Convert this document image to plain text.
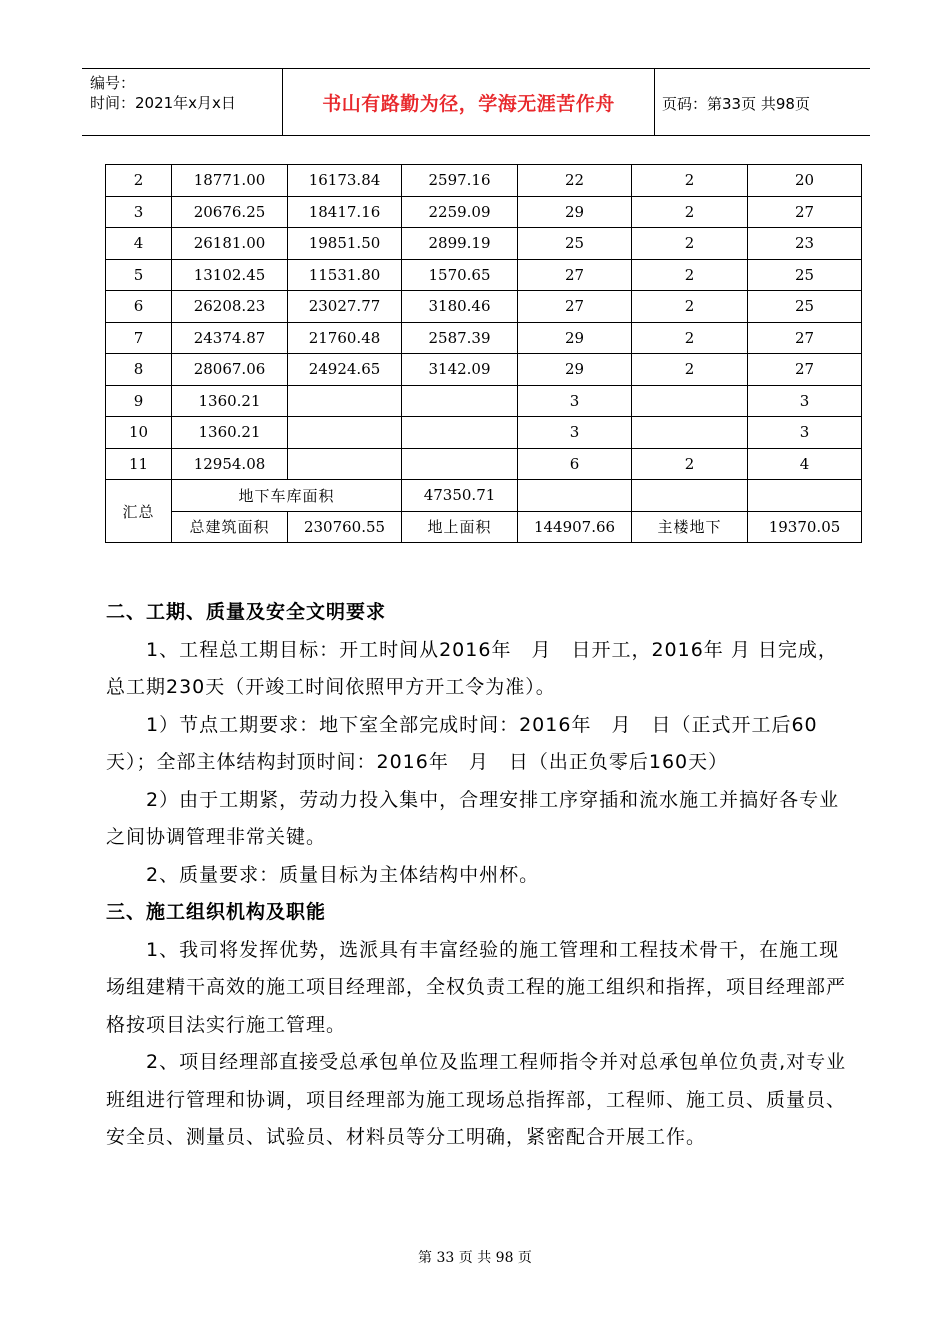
编号：
时间：2021年x月x日	书山有路勤为径，学海无涯苦作舟	页码：第33页 共98页
2	18771.00	16173.84	2597.16	22	2	20
3	20676.25	18417.16	2259.09	29	2	27
4	26181.00	19851.50	2899.19	25	2	23
5	13102.45	11531.80	1570.65	27	2	25
6	26208.23	23027.77	3180.46	27	2	25
7	24374.87	21760.48	2587.39	29	2	27
8	28067.06	24924.65	3142.09	29	2	27
9	1360.21			3		3
10	1360.21			3		3
11	12954.08			6	2	4
汇总	地下车库面积		47350.71			
	总建筑面积	230760.55	地上面积	144907.66	主楼地下	19370.05

二、工期、质量及安全文明要求

1、工程总工期目标：开工时间从2016年　月　日开工，2016年 月 日完成，总工期230天（开竣工时间依照甲方开工令为准）。

1）节点工期要求：地下室全部完成时间：2016年　月　日（正式开工后60天）；全部主体结构封顶时间：2016年　月　日（出正负零后160天）

2）由于工期紧，劳动力投入集中，合理安排工序穿插和流水施工并搞好各专业之间协调管理非常关键。

2、质量要求：质量目标为主体结构中州杯。

三、施工组织机构及职能

1、我司将发挥优势，选派具有丰富经验的施工管理和工程技术骨干，在施工现场组建精干高效的施工项目经理部，全权负责工程的施工组织和指挥，项目经理部严格按项目法实行施工管理。

2、项目经理部直接受总承包单位及监理工程师指令并对总承包单位负责,对专业班组进行管理和协调，项目经理部为施工现场总指挥部，工程师、施工员、质量员、安全员、测量员、试验员、材料员等分工明确，紧密配合开展工作。

第 33 页 共 98 页
